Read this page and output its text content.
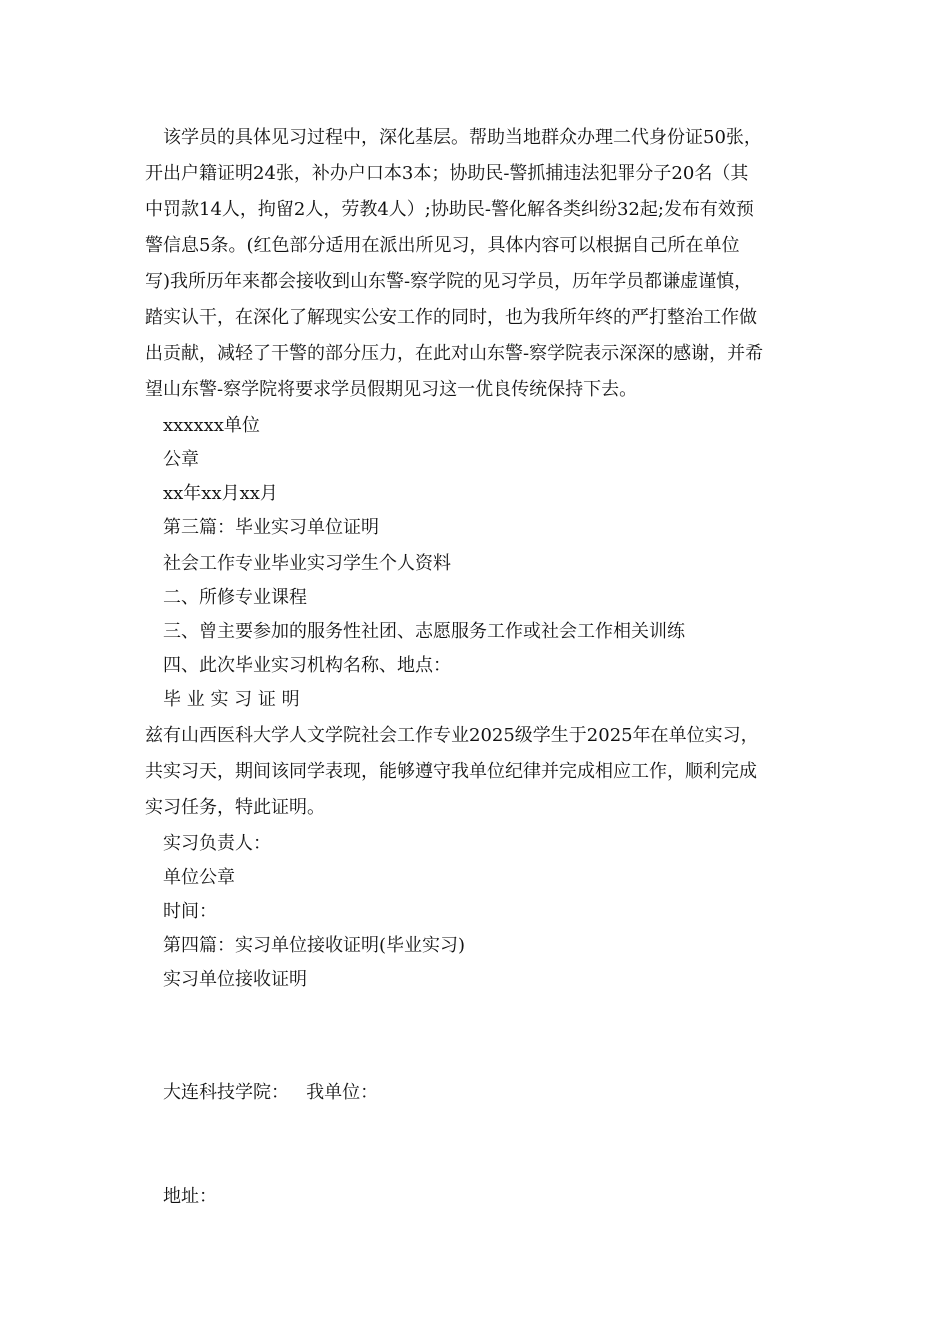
该学员的具体见习过程中，深化基层。帮助当地群众办理二代身份证50张，
开出户籍证明24张，补办户口本3本；协助民-警抓捕违法犯罪分子20名（其
中罚款14人，拘留2人，劳教4人）;协助民-警化解各类纠纷32起;发布有效预
警信息5条。(红色部分适用在派出所见习，具体内容可以根据自己所在单位
写)我所历年来都会接收到山东警-察学院的见习学员，历年学员都谦虚谨慎，
踏实认干，在深化了解现实公安工作的同时，也为我所年终的严打整治工作做
出贡献，减轻了干警的部分压力，在此对山东警-察学院表示深深的感谢，并希
望山东警-察学院将要求学员假期见习这一优良传统保持下去。
xxxxxx单位
公章
xx年xx月xx月
第三篇：毕业实习单位证明
社会工作专业毕业实习学生个人资料
二、所修专业课程
三、曾主要参加的服务性社团、志愿服务工作或社会工作相关训练
四、此次毕业实习机构名称、地点：
毕 业 实 习 证 明
兹有山西医科大学人文学院社会工作专业2025级学生于2025年在单位实习，
共实习天，期间该同学表现，能够遵守我单位纪律并完成相应工作，顺利完成
实习任务，特此证明。
实习负责人：
单位公章
时间：
第四篇：实习单位接收证明(毕业实习)
实习单位接收证明
大连科技学院：   我单位：
地址：
